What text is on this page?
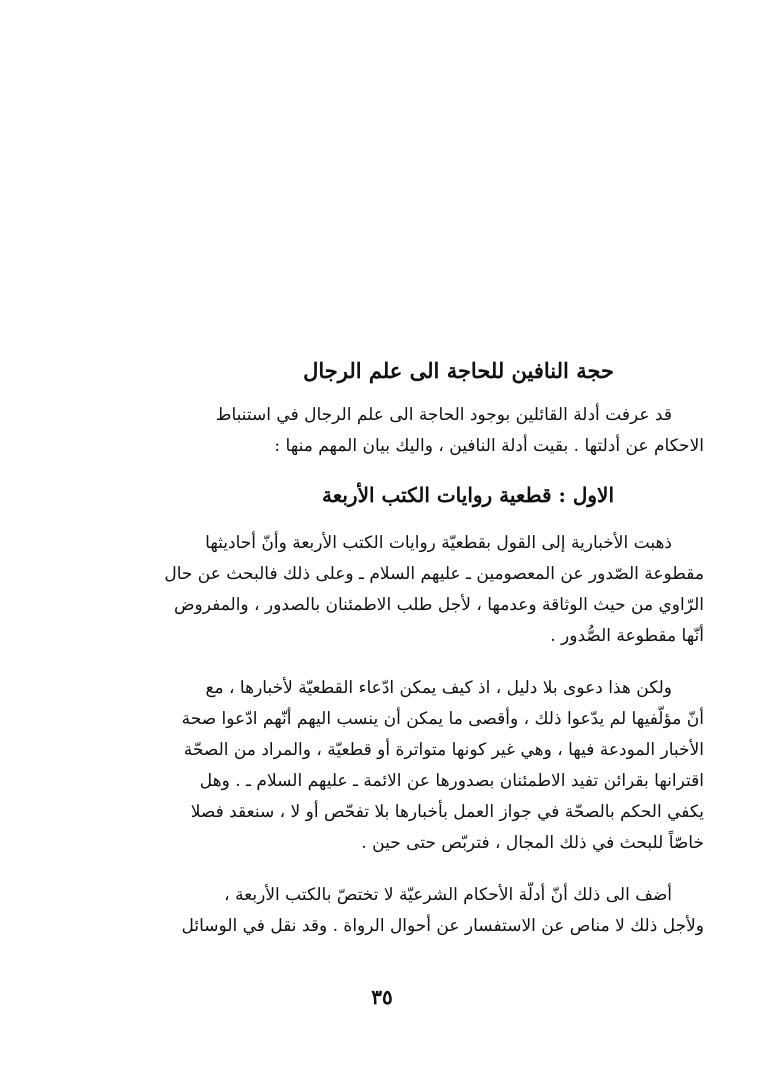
حجة النافين للحاجة الى علم الرجال

قد عرفت أدلة القائلين بوجود الحاجة الى علم الرجال في استنباط
الاحكام عن أدلتها . بقيت أدلة النافين ، واليك بيان المهم منها :

الاول : قطعية روايات الكتب الأربعة

ذهبت الأخبارية إلى القول بقطعيّة روايات الكتب الأربعة وأنّ أحاديثها
مقطوعة الصّدور عن المعصومين ـ عليهم السلام ـ وعلى ذلك فالبحث عن حال
الرّاوي من حيث الوثاقة وعدمها ، لأجل طلب الاطمئنان بالصدور ، والمفروض
أنّها مقطوعة الصُّدور .

ولكن هذا دعوى بلا دليل ، اذ كيف يمكن ادّعاء القطعيّة لأخبارها ، مع
أنّ مؤلّفيها لم يدّعوا ذلك ، وأقصى ما يمكن أن ينسب اليهم أنّهم ادّعوا صحة
الأخبار المودعة فيها ، وهي غير كونها متواترة أو قطعيّة ، والمراد من الصحّة
اقترانها بقرائن تفيد الاطمئنان بصدورها عن الائمة ـ عليهم السلام ـ . وهل
يكفي الحكم بالصحّة في جواز العمل بأخبارها بلا تفحّص أو لا ، سنعقد فصلا
خاصّاً للبحث في ذلك المجال ، فتربّص حتى حين .

أضف الى ذلك أنّ أدلّة الأحكام الشرعيّة لا تختصّ بالكتب الأربعة ،
ولأجل ذلك لا مناص عن الاستفسار عن أحوال الرواة . وقد نقل في الوسائل

٣٥
